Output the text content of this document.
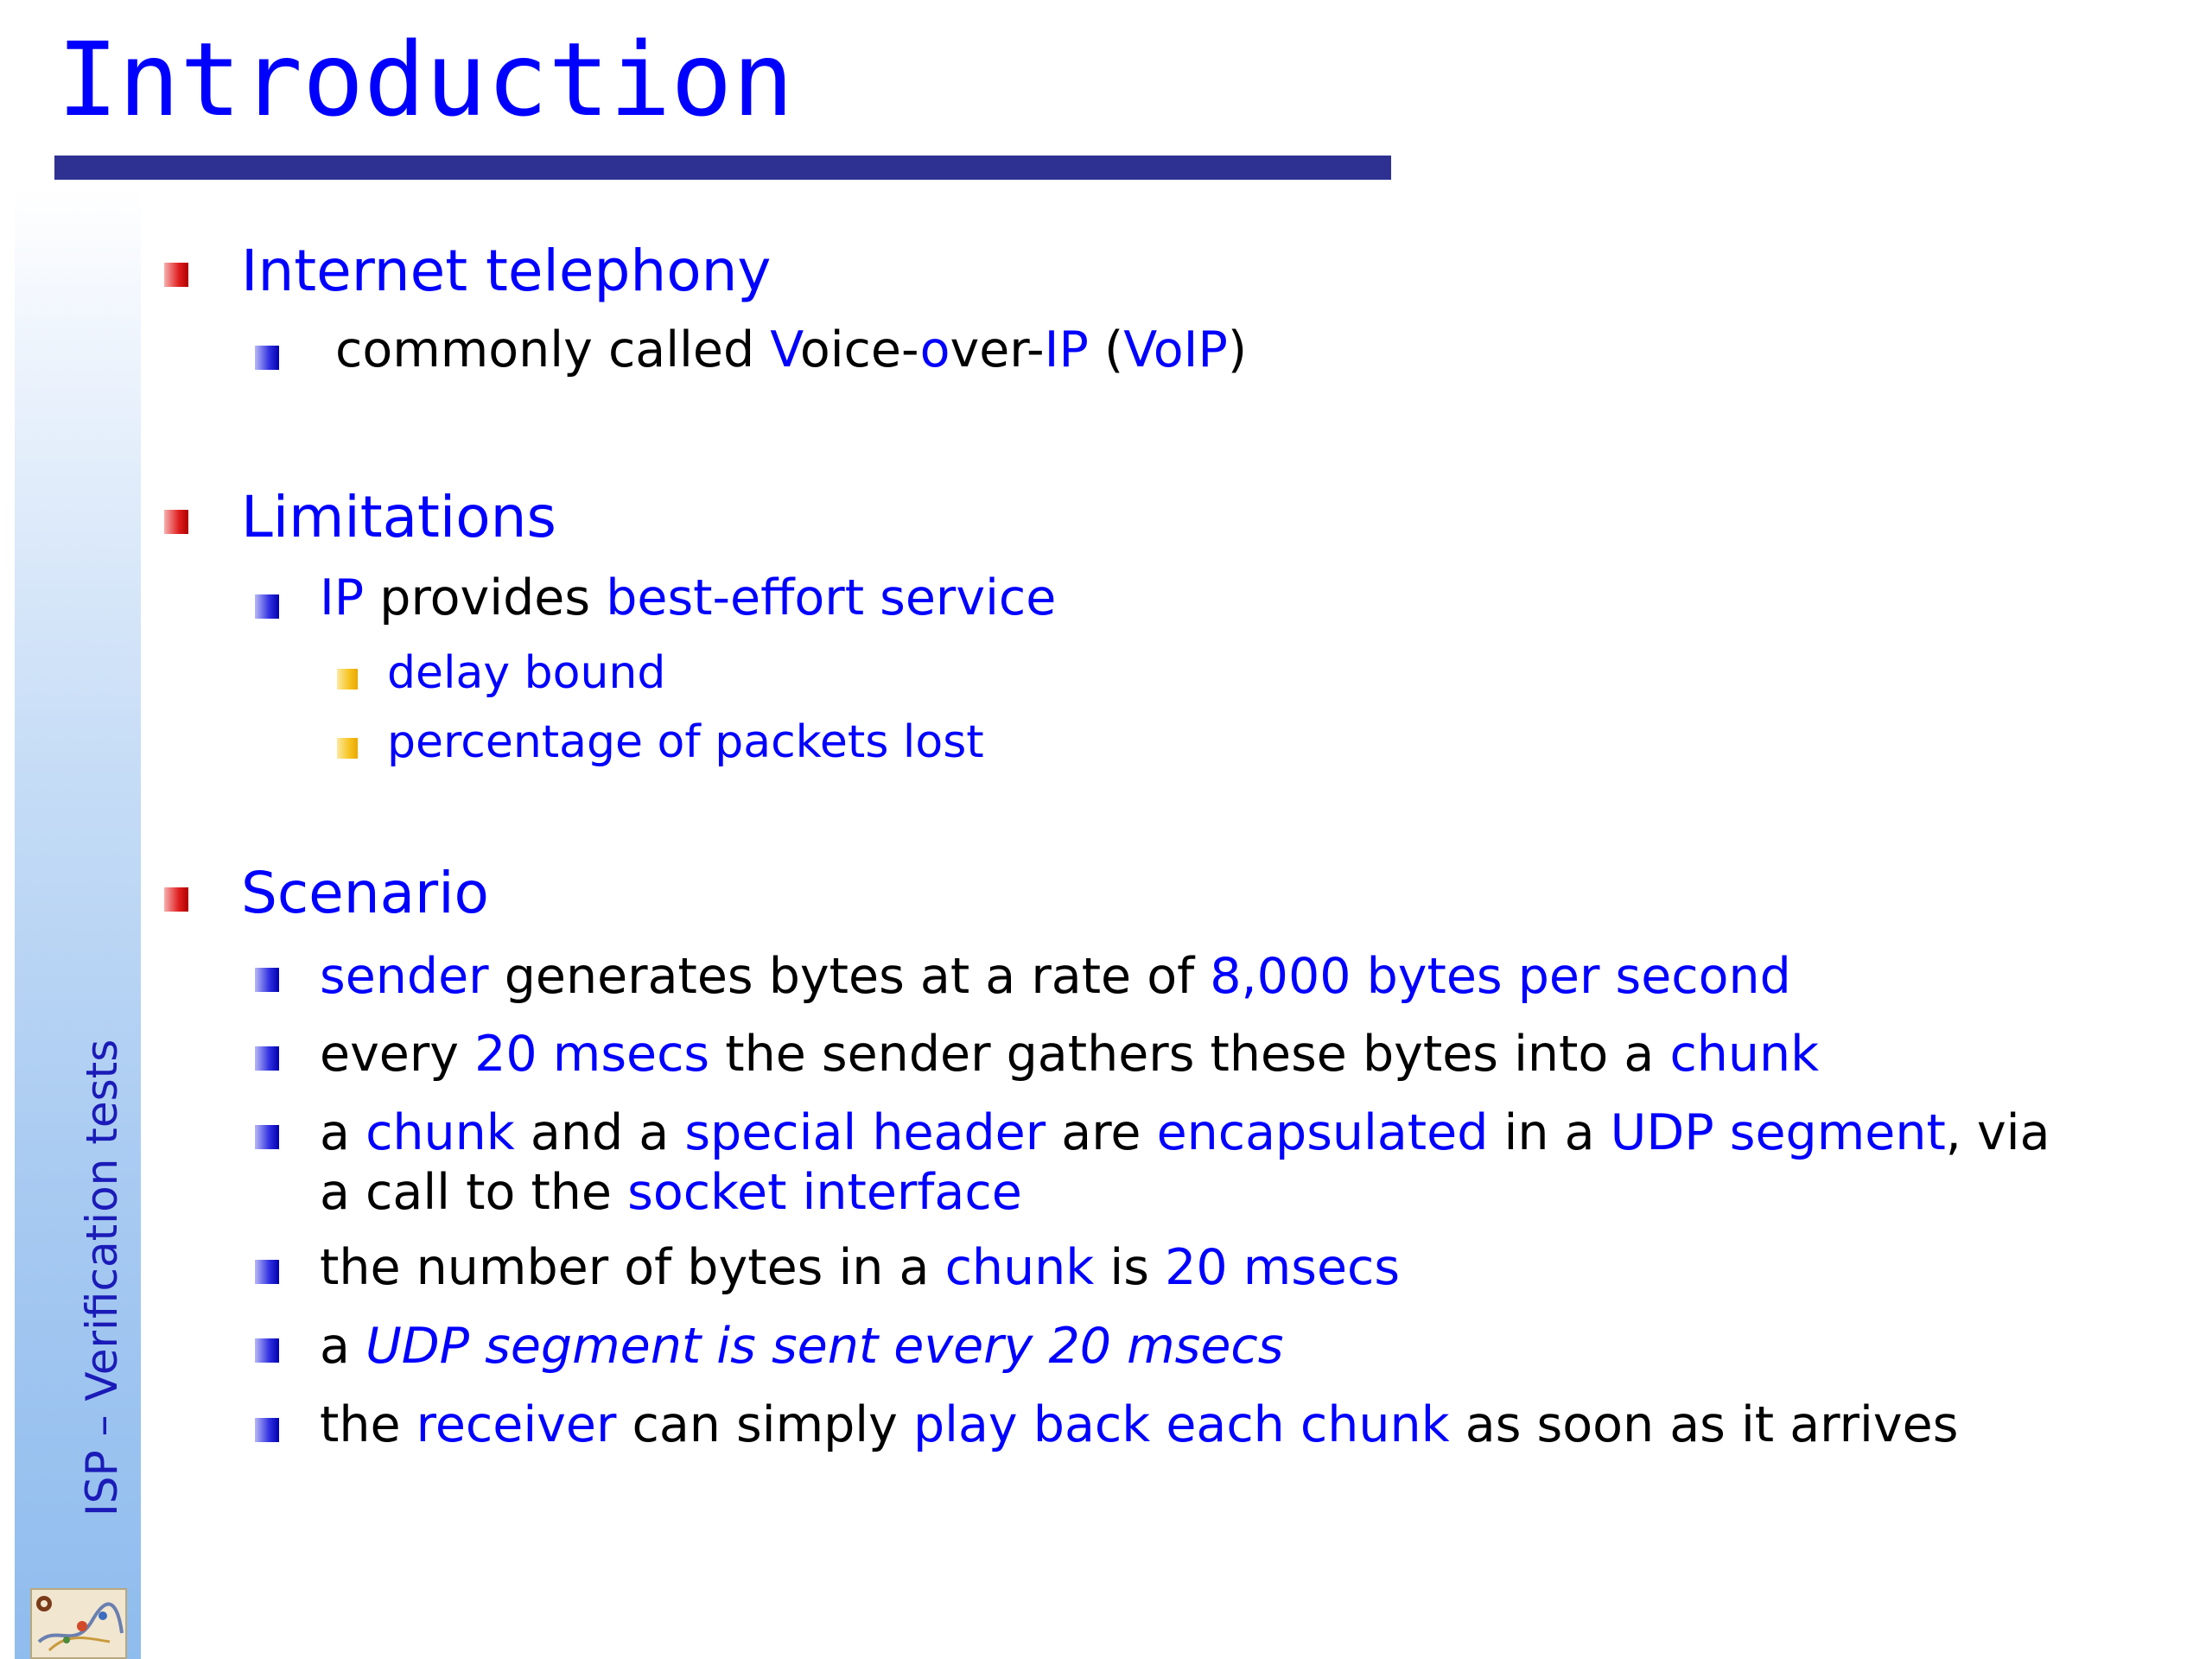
Introduction
ISP – Verification tests
Internet telephony
commonly called Voice-over-IP (VoIP)
Limitations
IP provides best-effort service
delay bound
percentage of packets lost
Scenario
sender generates bytes at a rate of 8,000 bytes per second
every 20 msecs the sender gathers these bytes into a chunk
a chunk and a special header are encapsulated in a UDP segment, via
a call to the socket interface
the number of bytes in a chunk is 20 msecs
a UDP segment is sent every 20 msecs
the receiver can simply play back each chunk as soon as it arrives
